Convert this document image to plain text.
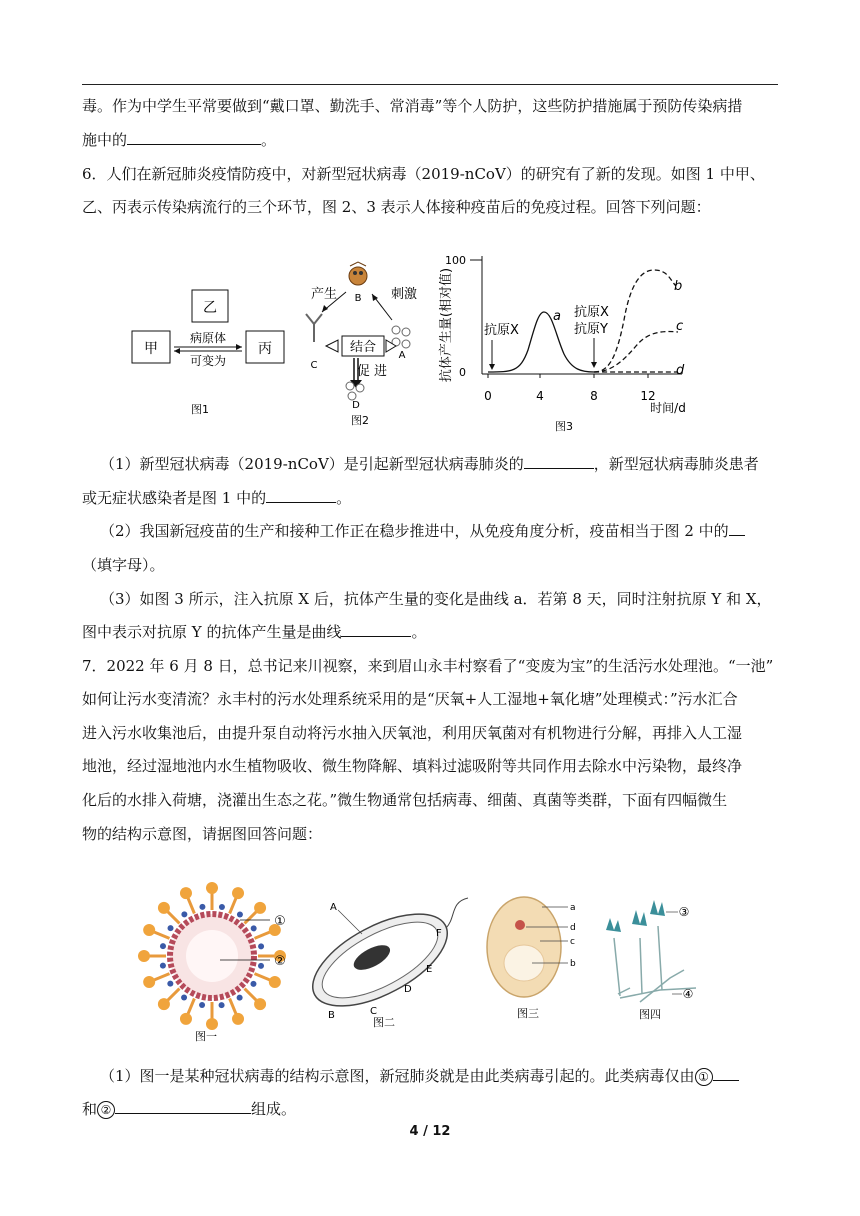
毒。作为中学生平常要做到“戴口罩、勤洗手、常消毒”等个人防护，这些防护措施属于预防传染病措
施中的	。
6．人们在新冠肺炎疫情防疫中，对新型冠状病毒（2019-nCoV）的研究有了新的发现。如图 1 中甲、
乙、丙表示传染病流行的三个环节，图 2、3 表示人体接种疫苗后的免疫过程。回答下列问题：
乙
甲	丙
病原体
可变为
图1
B
产生	刺激
C
A
结合
促 进
D
图2
抗体产生量(相对值)
100
0
0	4	8	12
时间/d
a
b
c
d
抗原X
抗原X
抗原Y
图3
（1）新型冠状病毒（2019-nCoV）是引起新型冠状病毒肺炎的	，新型冠状病毒肺炎患者
或无症状感染者是图 1 中的	。
（2）我国新冠疫苗的生产和接种工作正在稳步推进中，从免疫角度分析，疫苗相当于图 2 中的
（填字母）。
（3）如图 3 所示，注入抗原 X 后，抗体产生量的变化是曲线 a．若第 8 天，同时注射抗原 Y 和 X，
图中表示对抗原 Y 的抗体产生量是曲线	。
7．2022 年 6 月 8 日，总书记来川视察，来到眉山永丰村察看了“变废为宝”的生活污水处理池。“一池”
如何让污水变清流？永丰村的污水处理系统采用的是“厌氧+人工湿地+氧化塘”处理模式：”污水汇合
进入污水收集池后，由提升泵自动将污水抽入厌氧池，利用厌氧菌对有机物进行分解，再排入人工湿
地池，经过湿地池内水生植物吸收、微生物降解、填料过滤吸附等共同作用去除水中污染物，最终净
化后的水排入荷塘，浇灌出生态之花。”微生物通常包括病毒、细菌、真菌等类群，下面有四幅微生
物的结构示意图，请据图回答问题：
①
②
图一
A
B	C
D
E
F
图二
a
d
c
b
图三
③
④
图四
（1）图一是某种冠状病毒的结构示意图，新冠肺炎就是由此类病毒引起的。此类病毒仅由 ①
和 ②	组成。
4 / 12
